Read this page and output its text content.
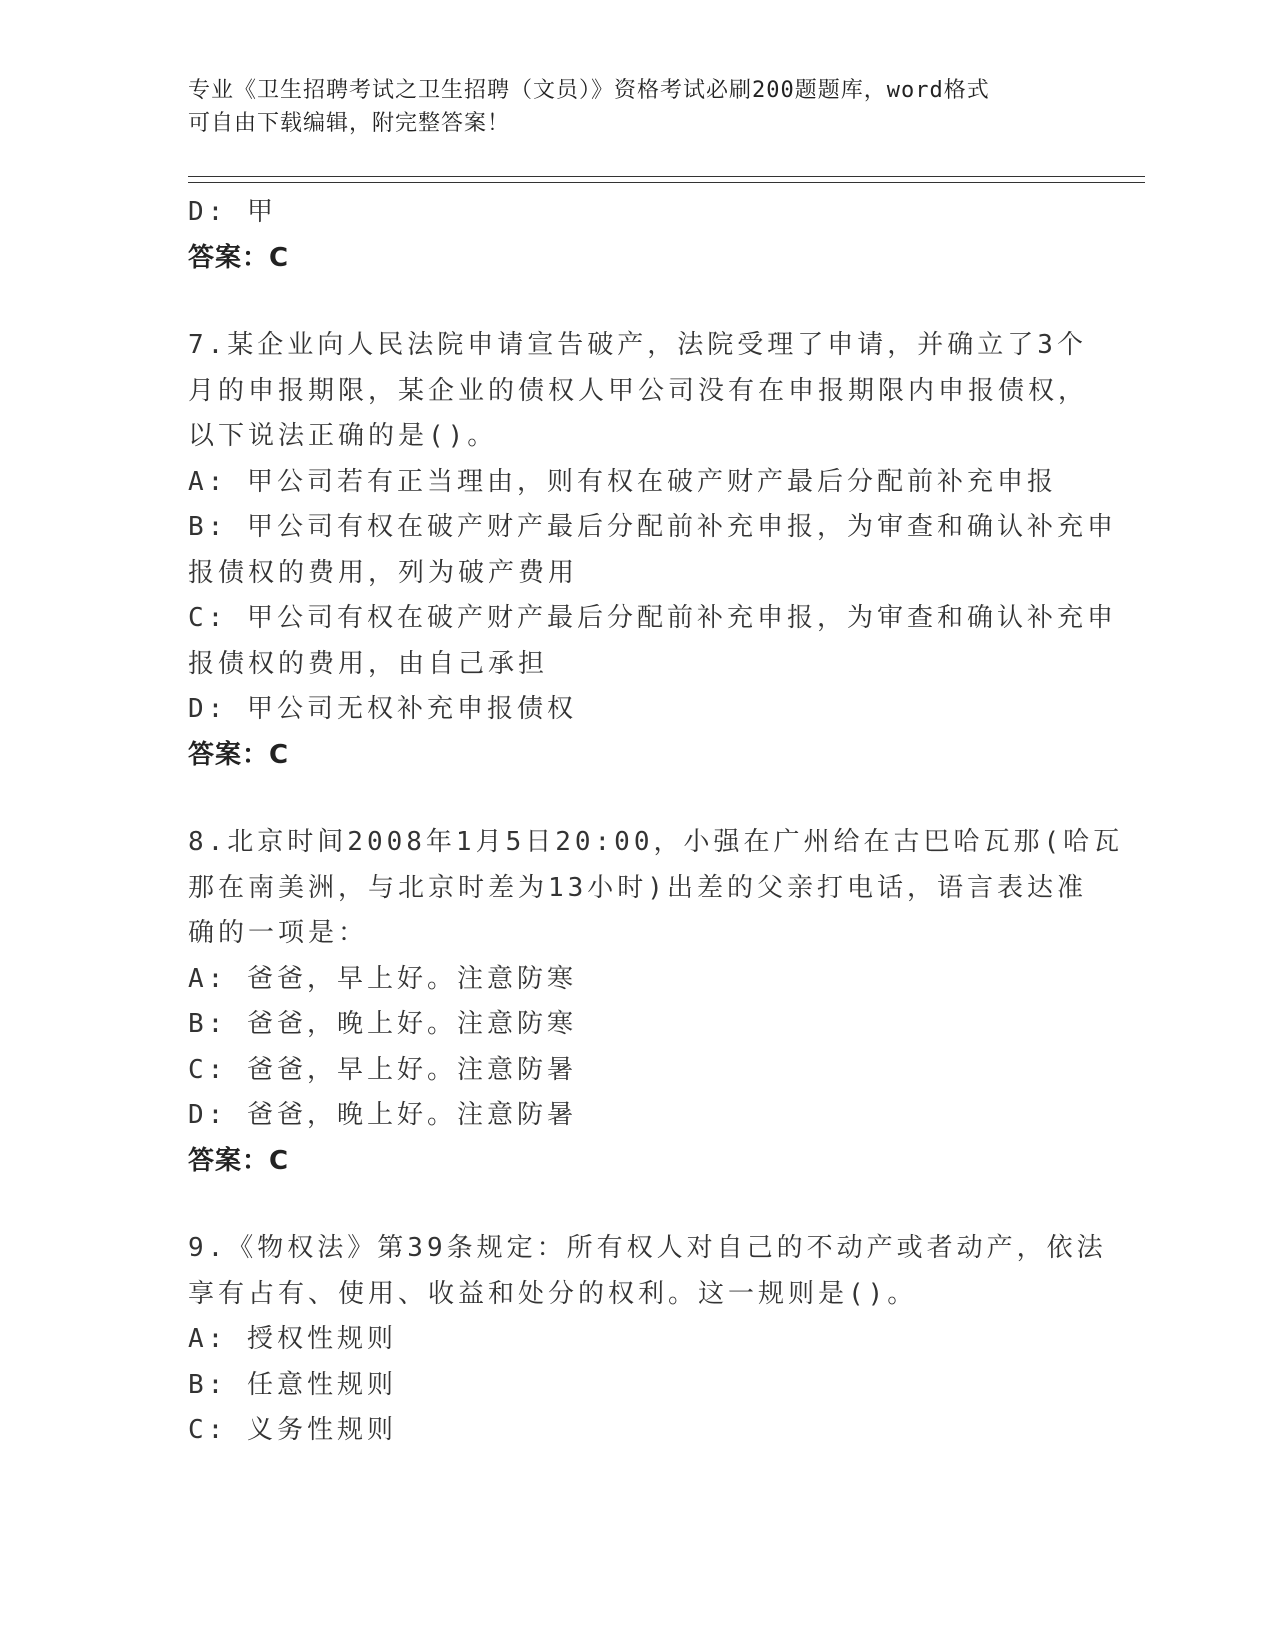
专业《卫生招聘考试之卫生招聘（文员）》资格考试必刷200题题库，word格式
可自由下载编辑，附完整答案！
D: 甲
答案：C
7.某企业向人民法院申请宣告破产，法院受理了申请，并确立了3个
月的申报期限，某企业的债权人甲公司没有在申报期限内申报债权，
以下说法正确的是()。
A: 甲公司若有正当理由，则有权在破产财产最后分配前补充申报
B: 甲公司有权在破产财产最后分配前补充申报，为审查和确认补充申
报债权的费用，列为破产费用
C: 甲公司有权在破产财产最后分配前补充申报，为审查和确认补充申
报债权的费用，由自己承担
D: 甲公司无权补充申报债权
答案：C
8.北京时间2008年1月5日20:00，小强在广州给在古巴哈瓦那(哈瓦
那在南美洲，与北京时差为13小时)出差的父亲打电话，语言表达准
确的一项是：
A: 爸爸，早上好。注意防寒
B: 爸爸，晚上好。注意防寒
C: 爸爸，早上好。注意防暑
D: 爸爸，晚上好。注意防暑
答案：C
9.《物权法》第39条规定：所有权人对自己的不动产或者动产，依法
享有占有、使用、收益和处分的权利。这一规则是()。
A: 授权性规则
B: 任意性规则
C: 义务性规则
